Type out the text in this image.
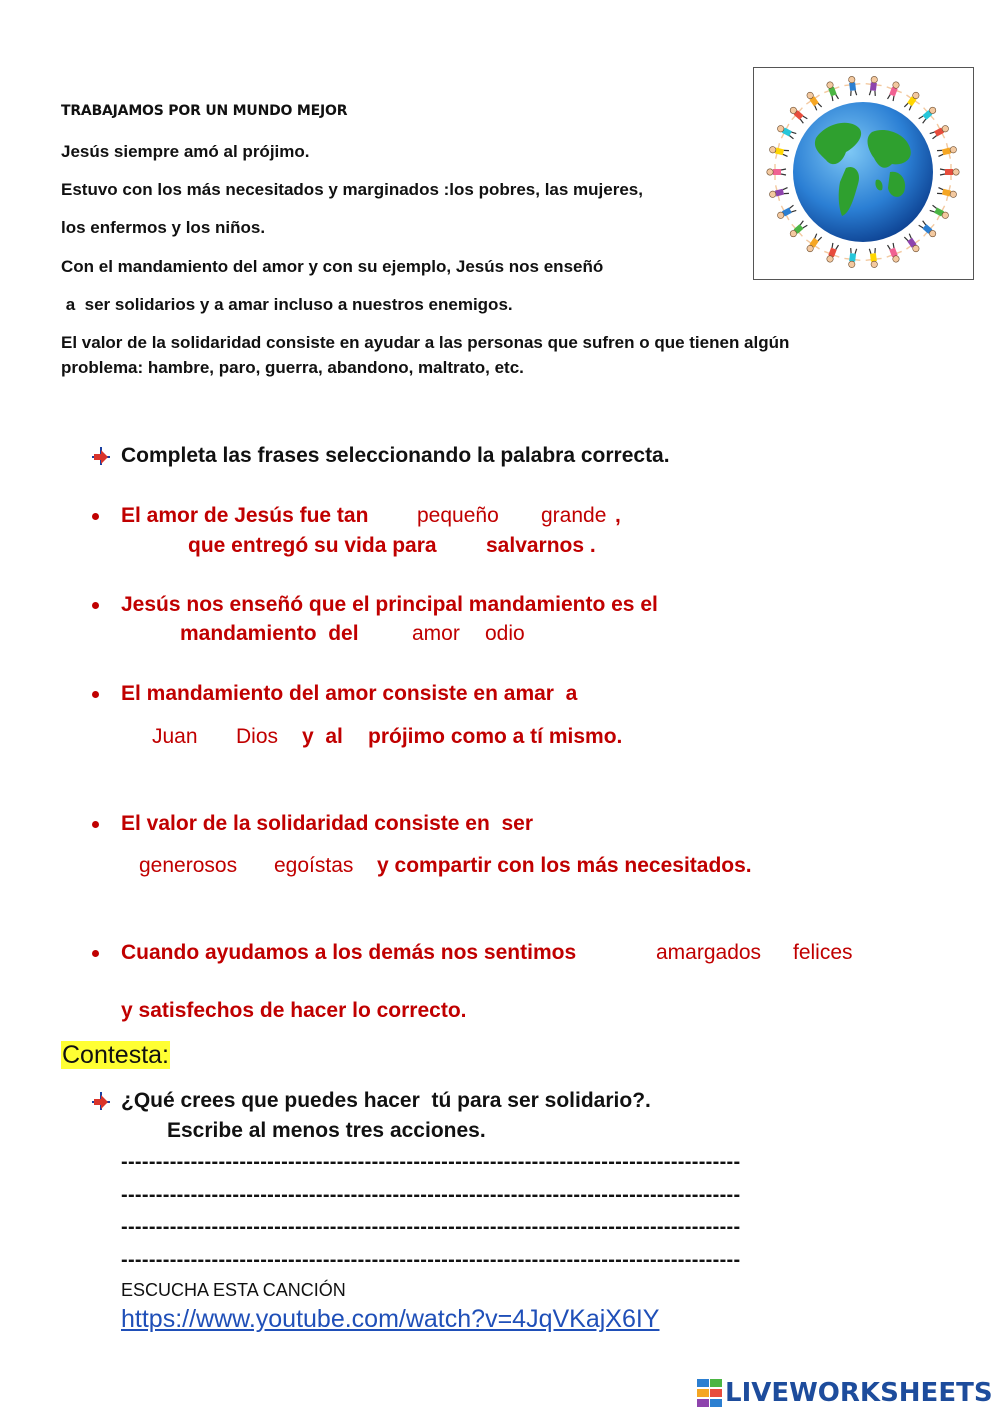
TRABAJAMOS POR UN MUNDO MEJOR
Jesús siempre amó al prójimo.
Estuvo con los más necesitados y marginados :los pobres, las mujeres,
los enfermos y los niños.
Con el mandamiento del amor y con su ejemplo, Jesús nos enseñó
a  ser solidarios y a amar incluso a nuestros enemigos.
El valor de la solidaridad consiste en ayudar a las personas que sufren o que tienen algún
problema: hambre, paro, guerra, abandono, maltrato, etc.
Completa las frases seleccionando la palabra correcta.
El amor de Jesús fue tan pequeño grande ,
que entregó su vida para salvarnos .
Jesús nos enseñó que el principal mandamiento es el
mandamiento  del	amor odio
El mandamiento del amor consiste en amar  a
Juan Dios y  al prójimo como a tí mismo.
El valor de la solidaridad consiste en  ser
generosos egoístas y compartir con los más necesitados.
Cuando ayudamos a los demás nos sentimos	amargados felices
y satisfechos de hacer lo correcto.
Contesta:
¿Qué crees que puedes hacer  tú para ser solidario?.
Escribe al menos tres acciones.
-----------------------------------------------------------------------------------------
-----------------------------------------------------------------------------------------
-----------------------------------------------------------------------------------------
-----------------------------------------------------------------------------------------
ESCUCHA ESTA CANCIÓN
https://www.youtube.com/watch?v=4JqVKajX6IY
LIVEWORKSHEETS
